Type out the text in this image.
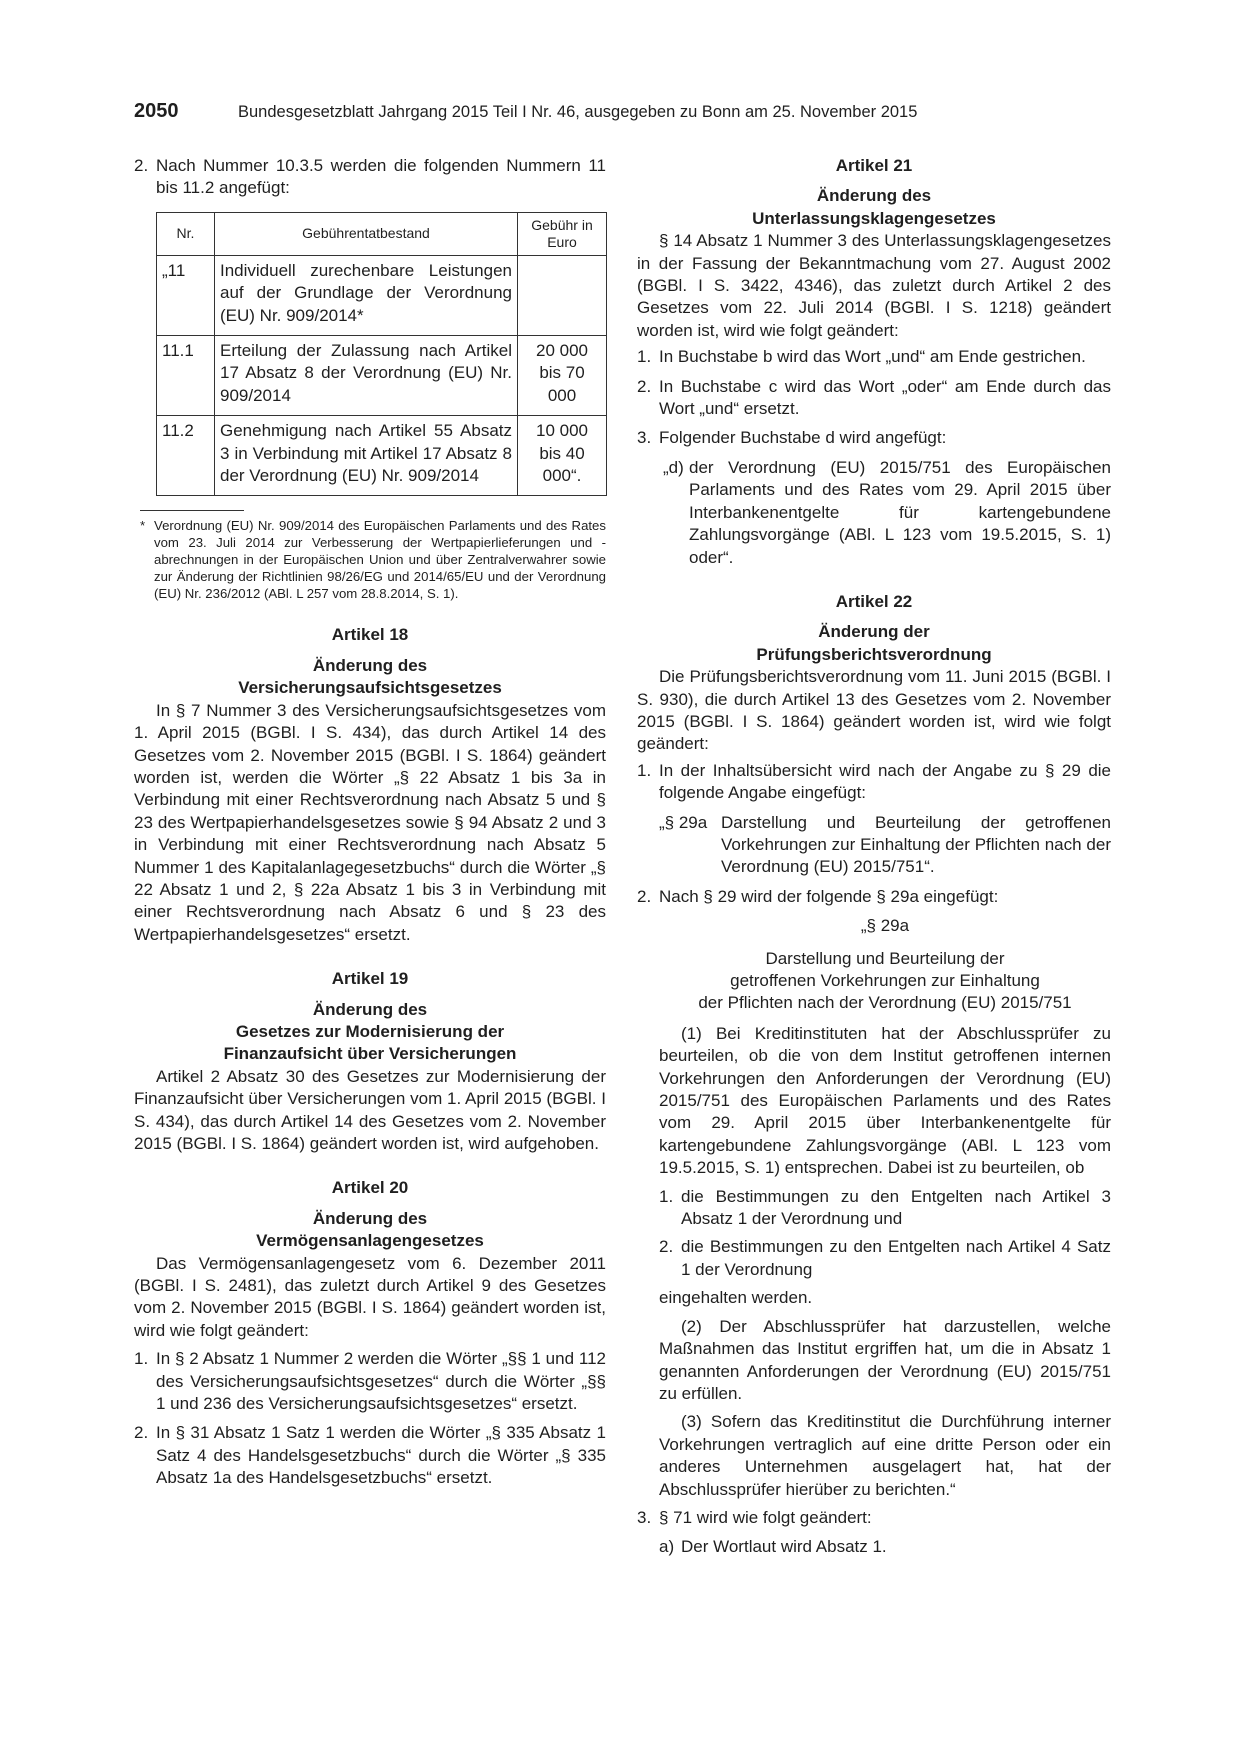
2050	Bundesgesetzblatt Jahrgang 2015 Teil I Nr. 46, ausgegeben zu Bonn am 25. November 2015
2. Nach Nummer 10.3.5 werden die folgenden Nummern 11 bis 11.2 angefügt:
Nr.	Gebührentatbestand	Gebühr in Euro
„11	Individuell zurechenbare Leistungen auf der Grundlage der Verordnung (EU) Nr. 909/2014*	
11.1	Erteilung der Zulassung nach Artikel 17 Absatz 8 der Verordnung (EU) Nr. 909/2014	20 000 bis 70 000
11.2	Genehmigung nach Artikel 55 Absatz 3 in Verbindung mit Artikel 17 Absatz 8 der Verordnung (EU) Nr. 909/2014	10 000 bis 40 000“.
* Verordnung (EU) Nr. 909/2014 des Europäischen Parlaments und des Rates vom 23. Juli 2014 zur Verbesserung der Wertpapierlieferungen und -abrechnungen in der Europäischen Union und über Zentralverwahrer sowie zur Änderung der Richtlinien 98/26/EG und 2014/65/EU und der Verordnung (EU) Nr. 236/2012 (ABl. L 257 vom 28.8.2014, S. 1).
Artikel 18
Änderung des
Versicherungsaufsichtsgesetzes

In § 7 Nummer 3 des Versicherungsaufsichtsgesetzes vom 1. April 2015 (BGBl. I S. 434), das durch Artikel 14 des Gesetzes vom 2. November 2015 (BGBl. I S. 1864) geändert worden ist, werden die Wörter „§ 22 Absatz 1 bis 3a in Verbindung mit einer Rechtsverordnung nach Absatz 5 und § 23 des Wertpapierhandelsgesetzes sowie § 94 Absatz 2 und 3 in Verbindung mit einer Rechtsverordnung nach Absatz 5 Nummer 1 des Kapitalanlagegesetzbuchs“ durch die Wörter „§ 22 Absatz 1 und 2, § 22a Absatz 1 bis 3 in Verbindung mit einer Rechtsverordnung nach Absatz 6 und § 23 des Wertpapierhandelsgesetzes“ ersetzt.

Artikel 19
Änderung des
Gesetzes zur Modernisierung der
Finanzaufsicht über Versicherungen

Artikel 2 Absatz 30 des Gesetzes zur Modernisierung der Finanzaufsicht über Versicherungen vom 1. April 2015 (BGBl. I S. 434), das durch Artikel 14 des Gesetzes vom 2. November 2015 (BGBl. I S. 1864) geändert worden ist, wird aufgehoben.

Artikel 20
Änderung des
Vermögensanlagengesetzes

Das Vermögensanlagengesetz vom 6. Dezember 2011 (BGBl. I S. 2481), das zuletzt durch Artikel 9 des Gesetzes vom 2. November 2015 (BGBl. I S. 1864) geändert worden ist, wird wie folgt geändert:

1. In § 2 Absatz 1 Nummer 2 werden die Wörter „§§ 1 und 112 des Versicherungsaufsichtsgesetzes“ durch die Wörter „§§ 1 und 236 des Versicherungsaufsichtsgesetzes“ ersetzt.
2. In § 31 Absatz 1 Satz 1 werden die Wörter „§ 335 Absatz 1 Satz 4 des Handelsgesetzbuchs“ durch die Wörter „§ 335 Absatz 1a des Handelsgesetzbuchs“ ersetzt.
Artikel 21
Änderung des
Unterlassungsklagengesetzes

§ 14 Absatz 1 Nummer 3 des Unterlassungsklagengesetzes in der Fassung der Bekanntmachung vom 27. August 2002 (BGBl. I S. 3422, 4346), das zuletzt durch Artikel 2 des Gesetzes vom 22. Juli 2014 (BGBl. I S. 1218) geändert worden ist, wird wie folgt geändert:

1. In Buchstabe b wird das Wort „und“ am Ende gestrichen.
2. In Buchstabe c wird das Wort „oder“ am Ende durch das Wort „und“ ersetzt.
3. Folgender Buchstabe d wird angefügt:
„d) der Verordnung (EU) 2015/751 des Europäischen Parlaments und des Rates vom 29. April 2015 über Interbankenentgelte für kartengebundene Zahlungsvorgänge (ABl. L 123 vom 19.5.2015, S. 1) oder“.
Artikel 22
Änderung der
Prüfungsberichtsverordnung

Die Prüfungsberichtsverordnung vom 11. Juni 2015 (BGBl. I S. 930), die durch Artikel 13 des Gesetzes vom 2. November 2015 (BGBl. I S. 1864) geändert worden ist, wird wie folgt geändert:

1. In der Inhaltsübersicht wird nach der Angabe zu § 29 die folgende Angabe eingefügt:
„§ 29a Darstellung und Beurteilung der getroffenen Vorkehrungen zur Einhaltung der Pflichten nach der Verordnung (EU) 2015/751“.
2. Nach § 29 wird der folgende § 29a eingefügt:
„§ 29a
Darstellung und Beurteilung der
getroffenen Vorkehrungen zur Einhaltung
der Pflichten nach der Verordnung (EU) 2015/751

(1) Bei Kreditinstituten hat der Abschlussprüfer zu beurteilen, ob die von dem Institut getroffenen internen Vorkehrungen den Anforderungen der Verordnung (EU) 2015/751 des Europäischen Parlaments und des Rates vom 29. April 2015 über Interbankenentgelte für kartengebundene Zahlungsvorgänge (ABl. L 123 vom 19.5.2015, S. 1) entsprechen. Dabei ist zu beurteilen, ob

1. die Bestimmungen zu den Entgelten nach Artikel 3 Absatz 1 der Verordnung und
2. die Bestimmungen zu den Entgelten nach Artikel 4 Satz 1 der Verordnung

eingehalten werden.

(2) Der Abschlussprüfer hat darzustellen, welche Maßnahmen das Institut ergriffen hat, um die in Absatz 1 genannten Anforderungen der Verordnung (EU) 2015/751 zu erfüllen.

(3) Sofern das Kreditinstitut die Durchführung interner Vorkehrungen vertraglich auf eine dritte Person oder ein anderes Unternehmen ausgelagert hat, hat der Abschlussprüfer hierüber zu berichten.“

3. § 71 wird wie folgt geändert:
a) Der Wortlaut wird Absatz 1.
